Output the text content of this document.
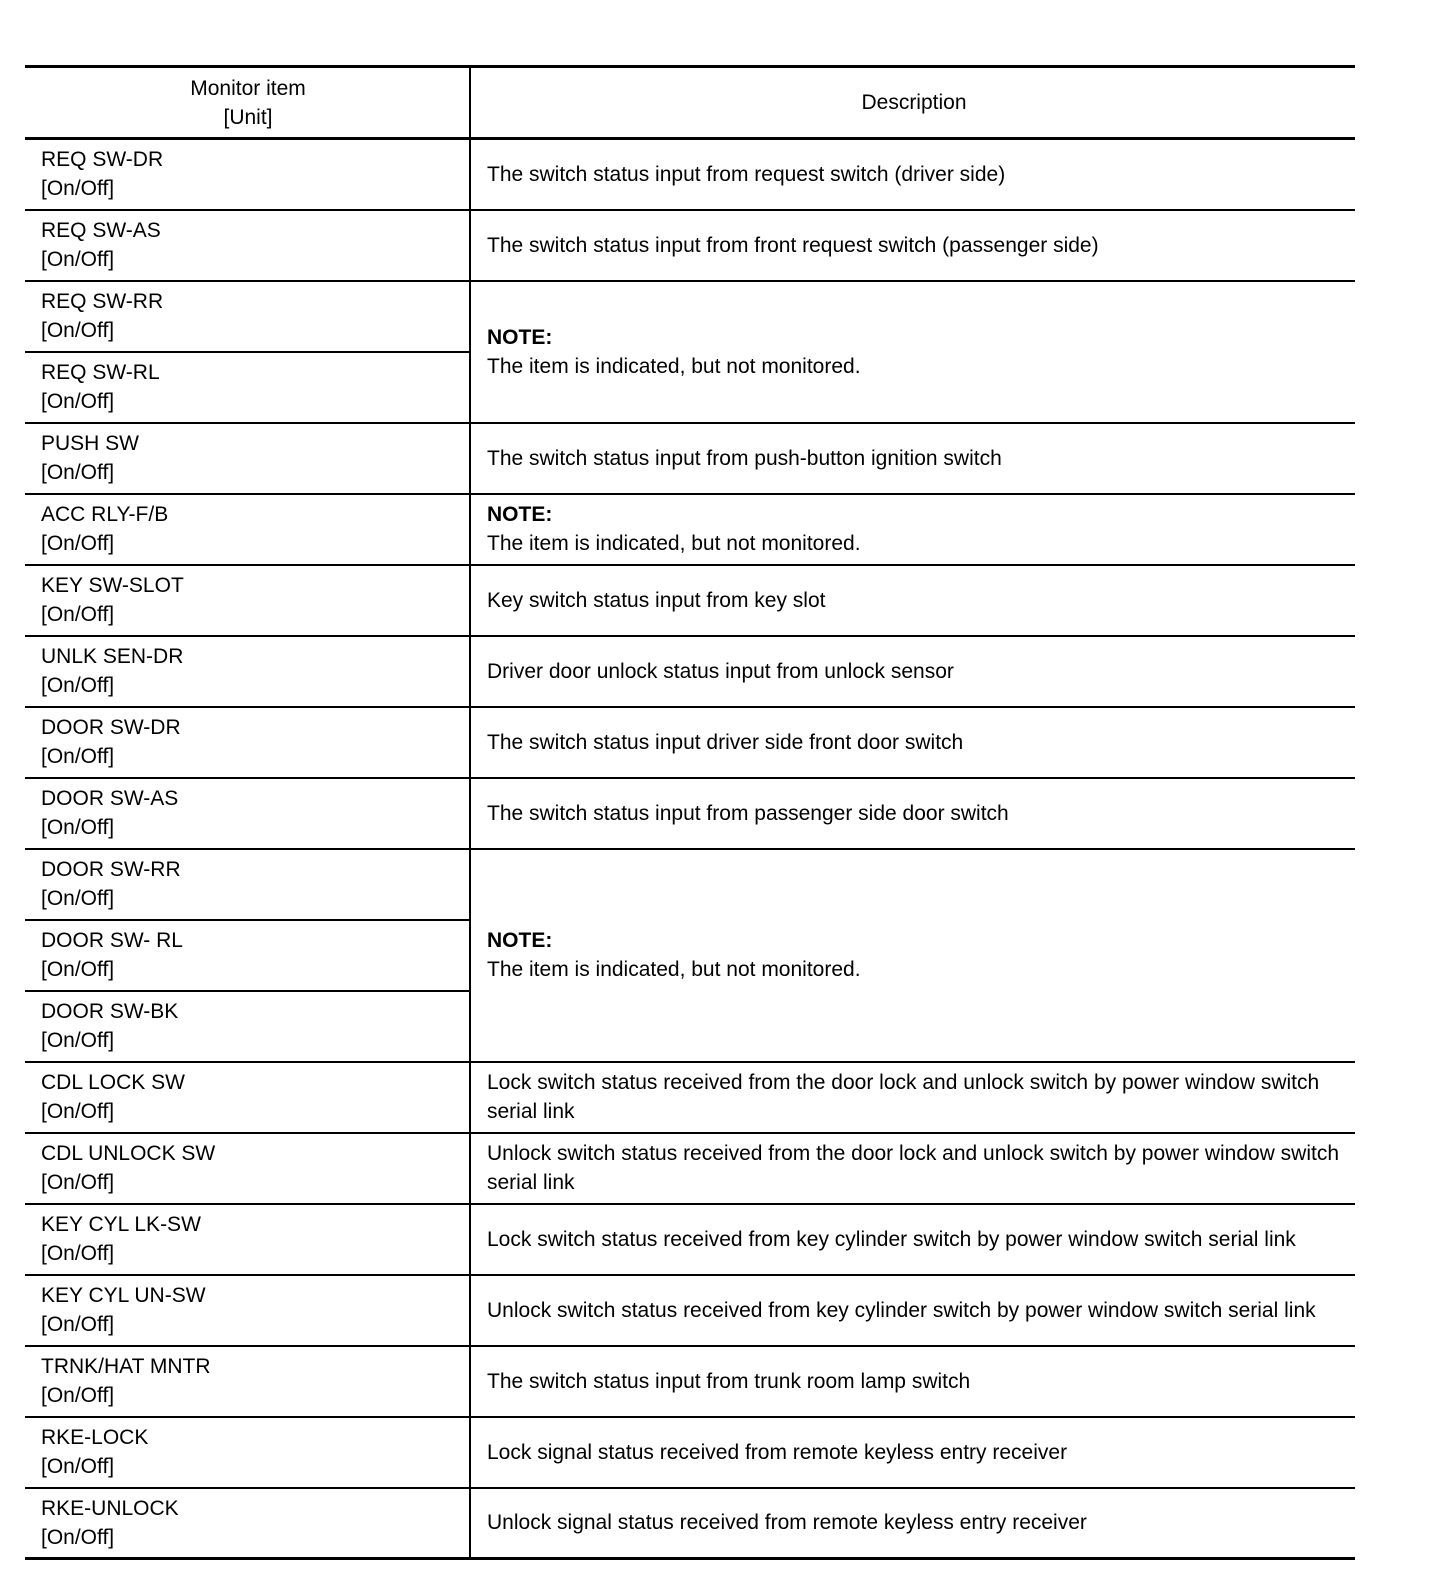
Monitor item
[Unit]	Description

REQ SW-DR
[On/Off]	The switch status input from request switch (driver side)

REQ SW-AS
[On/Off]	The switch status input from front request switch (passenger side)

REQ SW-RR
[On/Off]	NOTE:
The item is indicated, but not monitored.

REQ SW-RL
[On/Off]	

PUSH SW
[On/Off]	The switch status input from push-button ignition switch

ACC RLY-F/B
[On/Off]	NOTE:
The item is indicated, but not monitored.

KEY SW-SLOT
[On/Off]	Key switch status input from key slot

UNLK SEN-DR
[On/Off]	Driver door unlock status input from unlock sensor

DOOR SW-DR
[On/Off]	The switch status input driver side front door switch

DOOR SW-AS
[On/Off]	The switch status input from passenger side door switch

DOOR SW-RR
[On/Off]	NOTE:
The item is indicated, but not monitored.

DOOR SW- RL
[On/Off]	

DOOR SW-BK
[On/Off]	

CDL LOCK SW
[On/Off]	Lock switch status received from the door lock and unlock switch by power window switch serial link

CDL UNLOCK SW
[On/Off]	Unlock switch status received from the door lock and unlock switch by power window switch serial link

KEY CYL LK-SW
[On/Off]	Lock switch status received from key cylinder switch by power window switch serial link

KEY CYL UN-SW
[On/Off]	Unlock switch status received from key cylinder switch by power window switch serial link

TRNK/HAT MNTR
[On/Off]	The switch status input from trunk room lamp switch

RKE-LOCK
[On/Off]	Lock signal status received from remote keyless entry receiver

RKE-UNLOCK
[On/Off]	Unlock signal status received from remote keyless entry receiver
